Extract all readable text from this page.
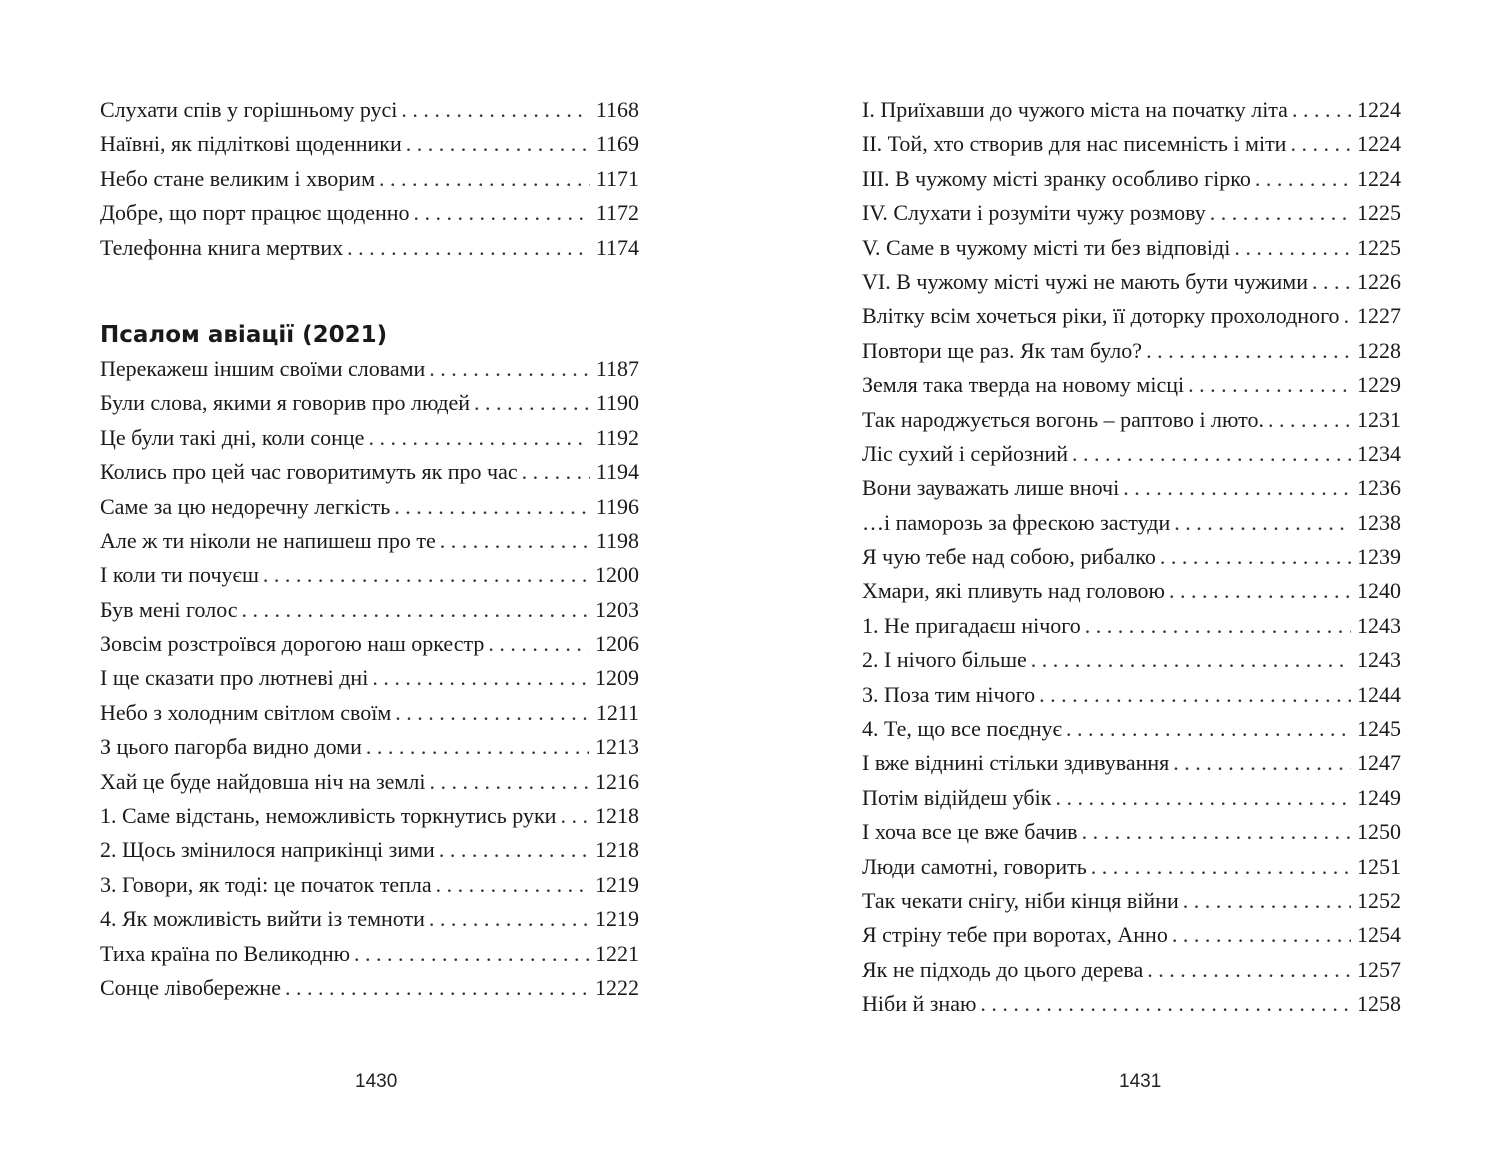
Слухати спів у горішньому русі . . .	1168
Наївні, як підліткові щоденники . . .	1169
Небо стане великим і хворим . . .	1171
Добре, що порт працює щоденно . . .	1172
Телефонна книга мертвих . . .	1174
Псалом авіації (2021)
Перекажеш іншим своїми словами . . .	1187
Були слова, якими я говорив про людей . . .	1190
Це були такі дні, коли сонце . . .	1192
Колись про цей час говоритимуть як про час . . .	1194
Саме за цю недоречну легкість . . .	1196
Але ж ти ніколи не напишеш про те . . .	1198
І коли ти почуєш . . .	1200
Був мені голос . . .	1203
Зовсім розстроївся дорогою наш оркестр . . .	1206
І ще сказати про лютневі дні . . .	1209
Небо з холодним світлом своїм . . .	1211
З цього пагорба видно доми . . .	1213
Хай це буде найдовша ніч на землі . . .	1216
1. Саме відстань, неможливість торкнутись руки . . . 1218
2. Щось змінилося наприкінці зими . . .	1218
3. Говори, як тоді: це початок тепла . . .	1219
4. Як можливість вийти із темноти . . .	1219
Тиха країна по Великодню . . .	1221
Сонце лівобережне . . .	1222
1430
I. Приїхавши до чужого міста на початку літа . . .	1224
II. Той, хто створив для нас писемність і міти . . .	1224
III. В чужому місті зранку особливо гірко . . .	1224
IV. Слухати і розуміти чужу розмову . . .	1225
V. Саме в чужому місті ти без відповіді . . .	1225
VI. В чужому місті чужі не мають бути чужими . . . 1226
Влітку всім хочеться ріки, її доторку прохолодного . . . 1227
Повтори ще раз. Як там було? . . .	1228
Земля така тверда на новому місці . . .	1229
Так народжується вогонь – раптово і люто. . . .	1231
Ліс сухий і серйозний . . .	1234
Вони зауважать лише вночі . . .	1236
…і паморозь за фрескою застуди . . .	1238
Я чую тебе над собою, рибалко . . .	1239
Хмари, які пливуть над головою . . .	1240
1. Не пригадаєш нічого . . .	1243
2. І нічого більше . . .	1243
3. Поза тим нічого . . .	1244
4. Те, що все поєднує . . .	1245
І вже віднині стільки здивування . . .	1247
Потім відійдеш убік . . .	1249
І хоча все це вже бачив . . .	1250
Люди самотні, говорить . . .	1251
Так чекати снігу, ніби кінця війни . . .	1252
Я стріну тебе при воротах, Анно . . .	1254
Як не підходь до цього дерева . . .	1257
Ніби й знаю . . .	1258
1431
